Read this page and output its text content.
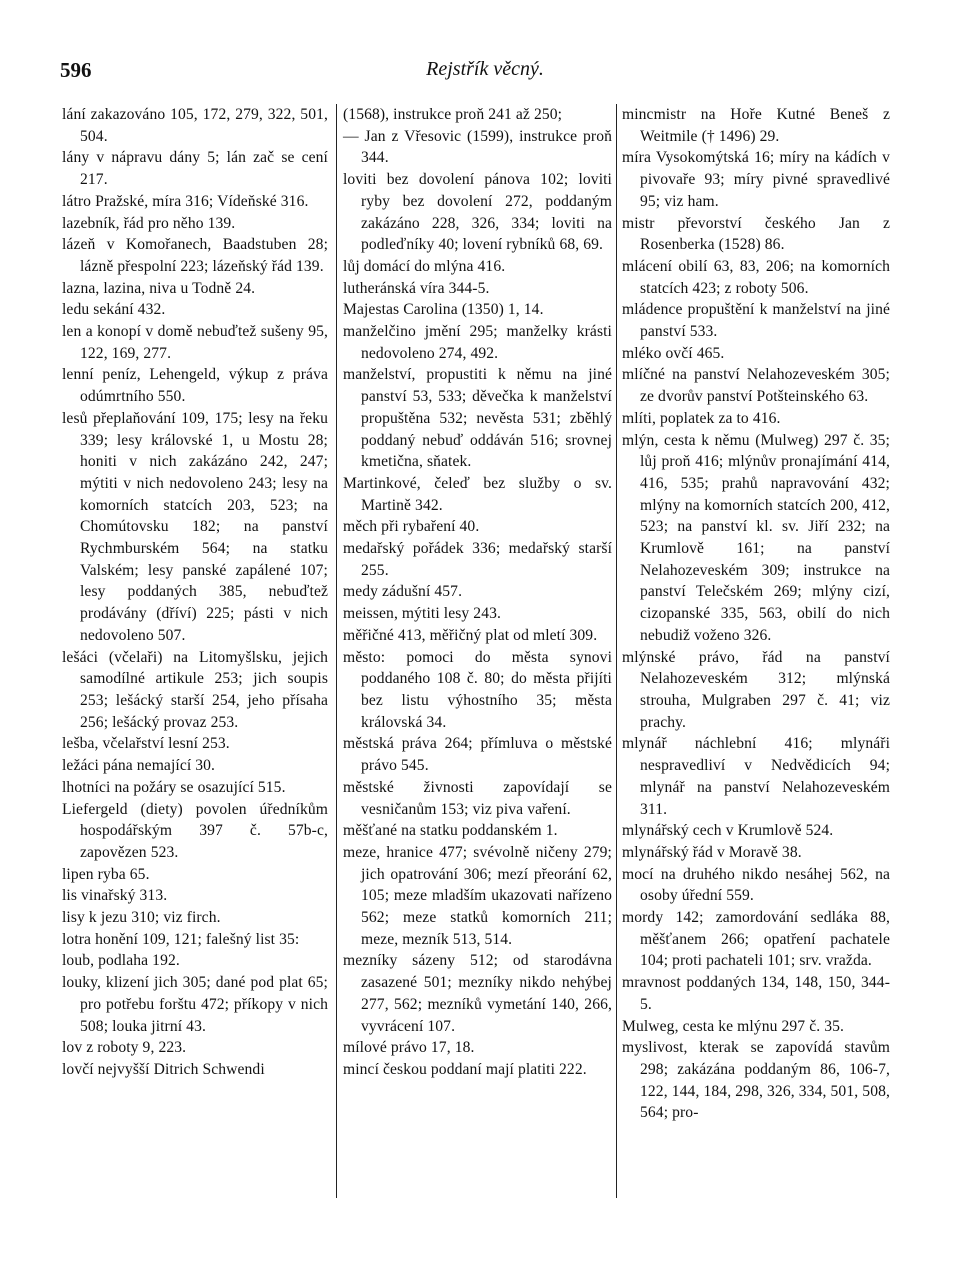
596	Rejstřík věcný.

lání zakazováno 105, 172, 279, 322, 501, 504.

lány v nápravu dány 5; lán zač se cení 217.

látro Pražské, míra 316; Vídeňské 316.

lazebník, řád pro něho 139.

lázeň v Komořanech, Baadstuben 28; lázně přespolní 223; lázeňský řád 139.

lazna, lazina, niva u Todně 24.

ledu sekání 432.

len a konopí v domě nebuďtež sušeny 95, 122, 169, 277.

lenní peníz, Lehengeld, výkup z práva odúmrtního 550.

lesů přeplaňování 109, 175; lesy na řeku 339; lesy královské 1, u Mostu 28; honiti v nich zakázáno 242, 247; mýtiti v nich nedovoleno 243; lesy na komorních statcích 203, 523; na Chomútovsku 182; na panství Rychmburském 564; na statku Valském; lesy panské zapálené 107; lesy poddaných 385, nebuďtež prodávány (dříví) 225; pásti v nich nedovoleno 507.

lešáci (včelaři) na Litomyšlsku, jejich samodílné artikule 253; jich soupis 253; lešácký starší 254, jeho přísaha 256; lešácký provaz 253.

lešba, včelařství lesní 253.

ležáci pána nemající 30.

lhotníci na požáry se osazující 515.

Liefergeld (diety) povolen úředníkům hospodářským 397 č. 57b-c, zapovězen 523.

lipen ryba 65.

lis vinařský 313.

lisy k jezu 310; viz firch.

lotra honění 109, 121; falešný list 35:

loub, podlaha 192.

louky, klizení jich 305; dané pod plat 65; pro potřebu forštu 472; příkopy v nich 508; louka jitrní 43.

lov z roboty 9, 223.

lovčí nejvyšší Ditrich Schwendi

(1568), instrukce proň 241 až 250;

— Jan z Vřesovic (1599), instrukce proň 344.

loviti bez dovolení pánova 102; loviti ryby bez dovolení 272, poddaným zakázáno 228, 326, 334; loviti na podleďníky 40; lovení rybníků 68, 69.

lůj domácí do mlýna 416.

lutheránská víra 344-5.

Majestas Carolina (1350) 1, 14.

manželčino jmění 295; manželky krásti nedovoleno 274, 492.

manželství, propustiti k němu na jiné panství 53, 533; děvečka k manželství propuštěna 532; nevěsta 531; zběhlý poddaný nebuď oddáván 516; srovnej kmetična, sňatek.

Martinkové, čeleď bez služby o sv. Martině 342.

měch při rybaření 40.

medařský pořádek 336; medařský starší 255.

medy zádušní 457.

meissen, mýtiti lesy 243.

měřičné 413, měřičný plat od mletí 309.

město: pomoci do města synovi poddaného 108 č. 80; do města přijíti bez listu výhostního 35; města královská 34.

městská práva 264; přímluva o městské právo 545.

městské živnosti zapovídají se vesničanům 153; viz piva vaření.

měšťané na statku poddanském 1.

meze, hranice 477; svévolně ničeny 279; jich opatrování 306; mezí přeorání 62, 105; meze mladším ukazovati nařízeno 562; meze statků komorních 211; meze, mezník 513, 514.

mezníky sázeny 512; od starodávna zasazené 501; mezníky nikdo nehýbej 277, 562; mezníků vymetání 140, 266, vyvrácení 107.

mílové právo 17, 18.

mincí českou poddaní mají platiti 222.

mincmistr na Hoře Kutné Beneš z Weitmile († 1496) 29.

míra Vysokomýtská 16; míry na kádích v pivovaře 93; míry pivné spravedlivé 95; viz ham.

mistr převorství českého Jan z Rosenberka (1528) 86.

mlácení obilí 63, 83, 206; na komorních statcích 423; z roboty 506.

mládence propuštění k manželství na jiné panství 533.

mléko ovčí 465.

mlíčné na panství Nelahozeveském 305; ze dvorův panství Potšteinského 63.

mlíti, poplatek za to 416.

mlýn, cesta k němu (Mulweg) 297 č. 35; lůj proň 416; mlýnův pronajímání 414, 416, 535; prahů napravování 432; mlýny na komorních statcích 200, 412, 523; na panství kl. sv. Jiří 232; na Krumlově 161; na panství Nelahozeveském 309; instrukce na panství Telečském 269; mlýny cizí, cizopanské 335, 563, obilí do nich nebudiž voženo 326.

mlýnské právo, řád na panství Nelahozeveském 312; mlýnská strouha, Mulgraben 297 č. 41; viz prachy.

mlynář náchlební 416; mlynáři nespravedliví v Nedvědicích 94; mlynář na panství Nelahozeveském 311.

mlynářský cech v Krumlově 524.

mlynářský řád v Moravě 38.

mocí na druhého nikdo nesáhej 562, na osoby úřední 559.

mordy 142; zamordování sedláka 88, měšťanem 266; opatření pachatele 104; proti pachateli 101; srv. vražda.

mravnost poddaných 134, 148, 150, 344-5.

Mulweg, cesta ke mlýnu 297 č. 35.

myslivost, kterak se zapovídá stavům 298; zakázána poddaným 86, 106-7, 122, 144, 184, 298, 326, 334, 501, 508, 564; pro-
